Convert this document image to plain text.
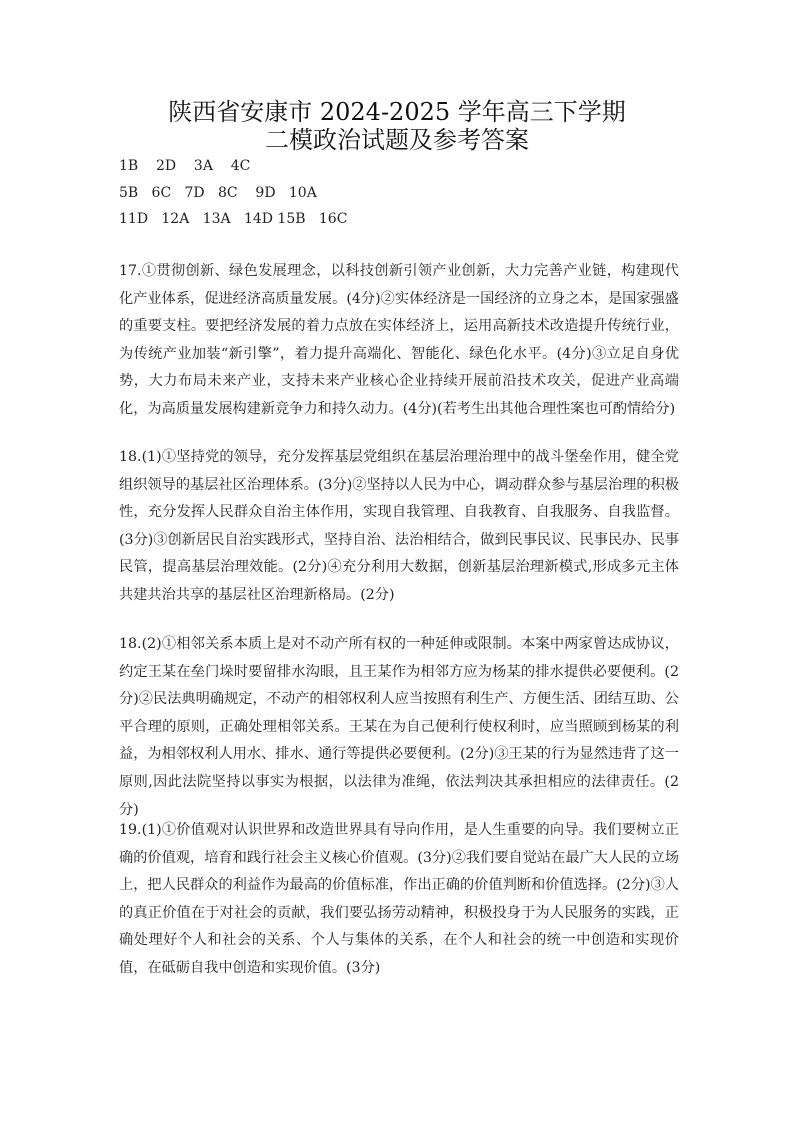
陕西省安康市 2024-2025 学年高三下学期
二模政治试题及参考答案
1B    2D    3A    4C
5B   6C   7D   8C    9D   10A
11D   12A   13A   14D 15B   16C
17.①贯彻创新、绿色发展理念，以科技创新引领产业创新，大力完善产业链，构建现代化产业体系，促进经济高质量发展。(4分)②实体经济是一国经济的立身之本，是国家强盛的重要支柱。要把经济发展的着力点放在实体经济上，运用高新技术改造提升传统行业，为传统产业加装“新引擎”，着力提升高端化、智能化、绿色化水平。(4分)③立足自身优势，大力布局未来产业，支持未来产业核心企业持续开展前沿技术攻关，促进产业高端化，为高质量发展构建新竞争力和持久动力。(4分)(若考生出其他合理性案也可酌情给分)
18.(1)①坚持党的领导，充分发挥基层党组织在基层治理治理中的战斗堡垒作用，健全党组织领导的基层社区治理体系。(3分)②坚持以人民为中心，调动群众参与基层治理的积极性，充分发挥人民群众自治主体作用，实现自我管理、自我教育、自我服务、自我监督。(3分)③创新居民自治实践形式，坚持自治、法治相结合，做到民事民议、民事民办、民事民管，提高基层治理效能。(2分)④充分利用大数据，创新基层治理新模式,形成多元主体共建共治共享的基层社区治理新格局。(2分)
18.(2)①相邻关系本质上是对不动产所有权的一种延伸或限制。本案中两家曾达成协议，约定王某在垒门垛时要留排水沟眼，且王某作为相邻方应为杨某的排水提供必要便利。(2分)②民法典明确规定，不动产的相邻权利人应当按照有利生产、方便生活、团结互助、公平合理的原则，正确处理相邻关系。王某在为自己便利行使权利时，应当照顾到杨某的利益，为相邻权利人用水、排水、通行等提供必要便利。(2分)③王某的行为显然违背了这一原则,因此法院坚持以事实为根据，以法律为准绳，依法判决其承担相应的法律责任。(2分)
19.(1)①价值观对认识世界和改造世界具有导向作用，是人生重要的向导。我们要树立正确的价值观，培育和践行社会主义核心价值观。(3分)②我们要自觉站在最广大人民的立场上，把人民群众的利益作为最高的价值标准，作出正确的价值判断和价值选择。(2分)③人的真正价值在于对社会的贡献，我们要弘扬劳动精神，积极投身于为人民服务的实践，正确处理好个人和社会的关系、个人与集体的关系，在个人和社会的统一中创造和实现价值，在砥砺自我中创造和实现价值。(3分)
